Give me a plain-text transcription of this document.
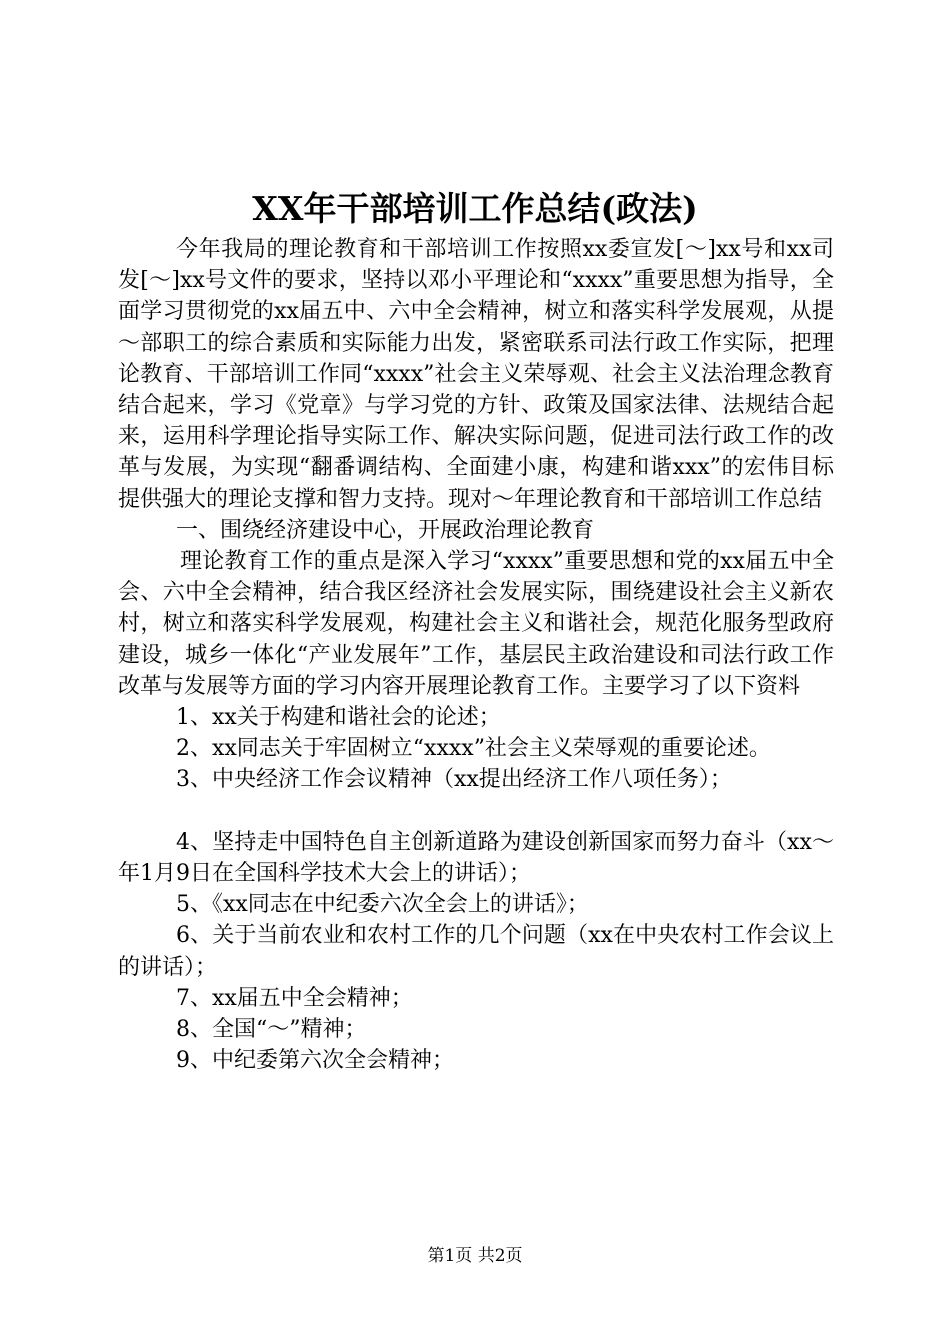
XX年干部培训工作总结(政法)

今年我局的理论教育和干部培训工作按照xx委宣发[～]xx号和xx司发[～]xx号文件的要求，坚持以邓小平理论和“xxxx”重要思想为指导，全面学习贯彻党的xx届五中、六中全会精神，树立和落实科学发展观，从提～部职工的综合素质和实际能力出发，紧密联系司法行政工作实际，把理论教育、干部培训工作同“xxxx”社会主义荣辱观、社会主义法治理念教育结合起来，学习《党章》与学习党的方针、政策及国家法律、法规结合起来，运用科学理论指导实际工作、解决实际问题，促进司法行政工作的改革与发展，为实现“翻番调结构、全面建小康，构建和谐xxx”的宏伟目标提供强大的理论支撑和智力支持。现对～年理论教育和干部培训工作总结

一、围绕经济建设中心，开展政治理论教育

理论教育工作的重点是深入学习“xxxx”重要思想和党的xx届五中全会、六中全会精神，结合我区经济社会发展实际，围绕建设社会主义新农村，树立和落实科学发展观，构建社会主义和谐社会，规范化服务型政府建设，城乡一体化“产业发展年”工作，基层民主政治建设和司法行政工作改革与发展等方面的学习内容开展理论教育工作。主要学习了以下资料

1、xx关于构建和谐社会的论述；

2、xx同志关于牢固树立“xxxx”社会主义荣辱观的重要论述。

3、中央经济工作会议精神（xx提出经济工作八项任务）；

4、坚持走中国特色自主创新道路为建设创新国家而努力奋斗（xx～年1月9日在全国科学技术大会上的讲话）；

5、《xx同志在中纪委六次全会上的讲话》；

6、关于当前农业和农村工作的几个问题（xx在中央农村工作会议上的讲话）；

7、xx届五中全会精神；

8、全国“～”精神；

9、中纪委第六次全会精神；

第1页 共2页
